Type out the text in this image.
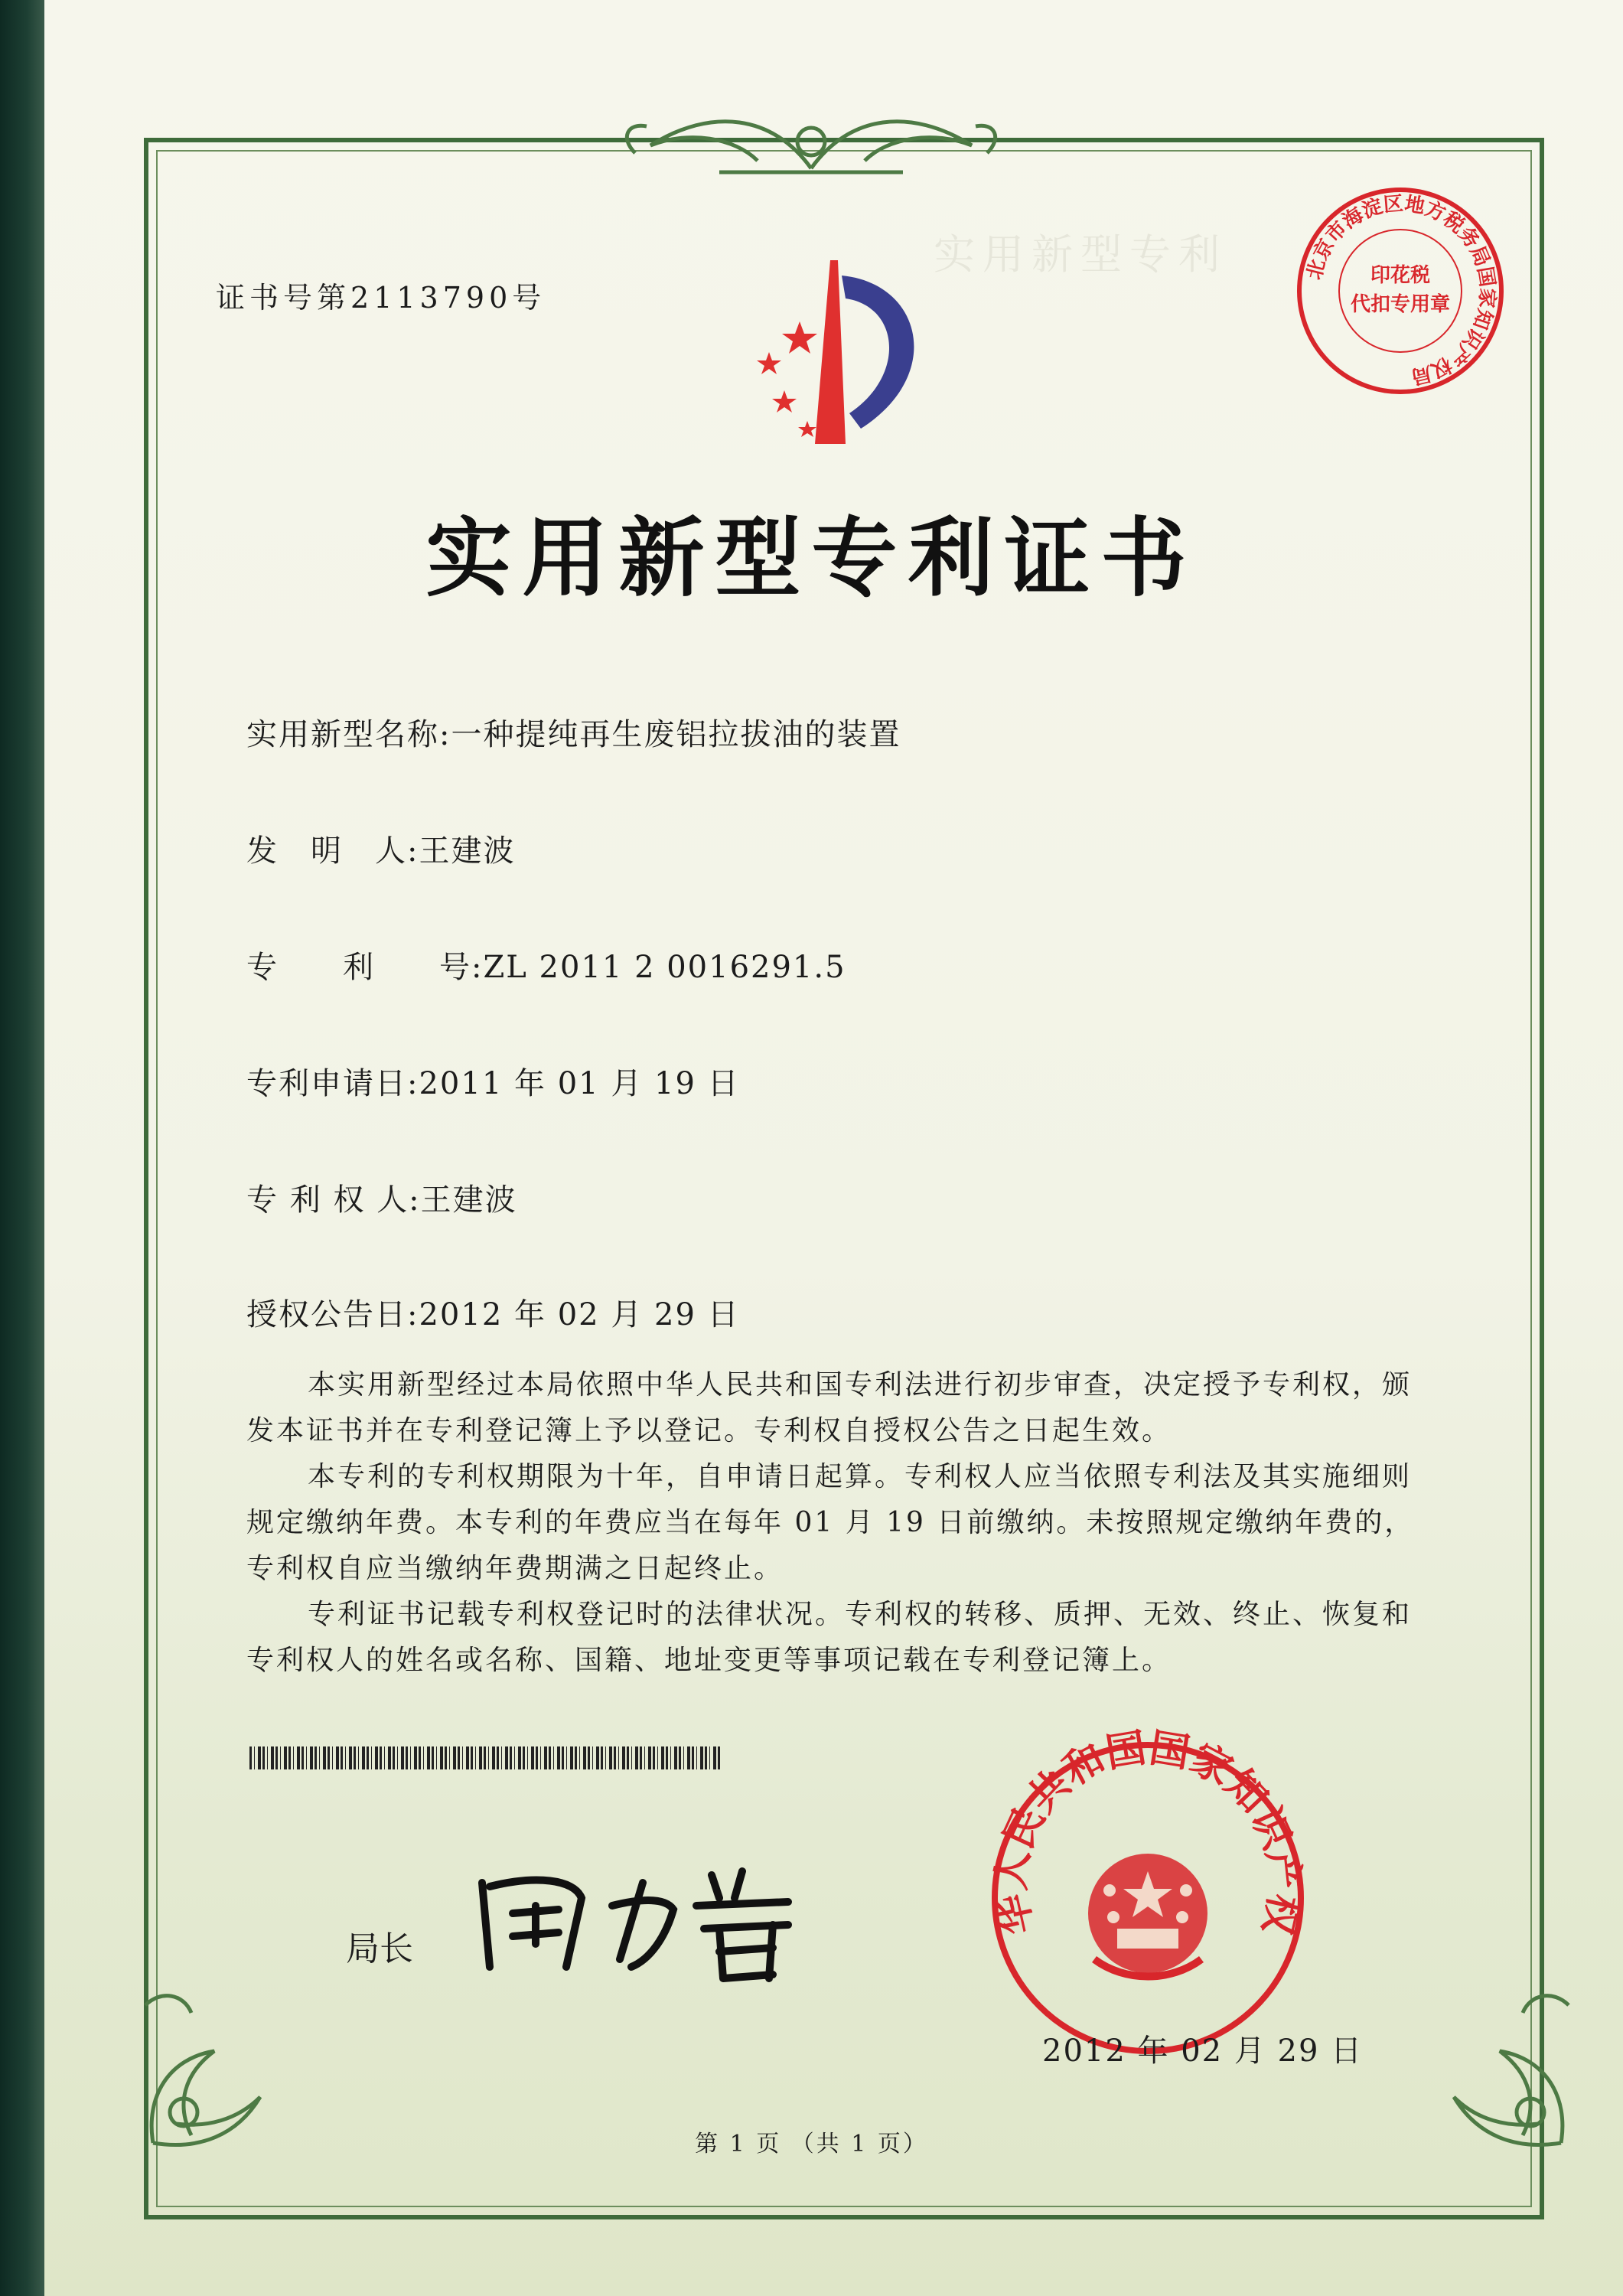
实用新型专利
证书号第2113790号
北京市海淀区地方税务局国家知识产权局
印花税
代扣专用章
实用新型专利证书
实用新型名称:一种提纯再生废铝拉拔油的装置
发　明　人:王建波
专　　利　　号:ZL 2011 2 0016291.5
专利申请日:2011 年 01 月 19 日
专 利 权 人:王建波
授权公告日:2012 年 02 月 29 日

本实用新型经过本局依照中华人民共和国专利法进行初步审查，决定授予专利权，颁发本证书并在专利登记簿上予以登记。专利权自授权公告之日起生效。

本专利的专利权期限为十年，自申请日起算。专利权人应当依照专利法及其实施细则规定缴纳年费。本专利的年费应当在每年 01 月 19 日前缴纳。未按照规定缴纳年费的，专利权自应当缴纳年费期满之日起终止。

专利证书记载专利权登记时的法律状况。专利权的转移、质押、无效、终止、恢复和专利权人的姓名或名称、国籍、地址变更等事项记载在专利登记簿上。

局长
田力普
中华人民共和国国家知识产权局
2012 年 02 月 29 日
第 1 页 （共 1 页）
